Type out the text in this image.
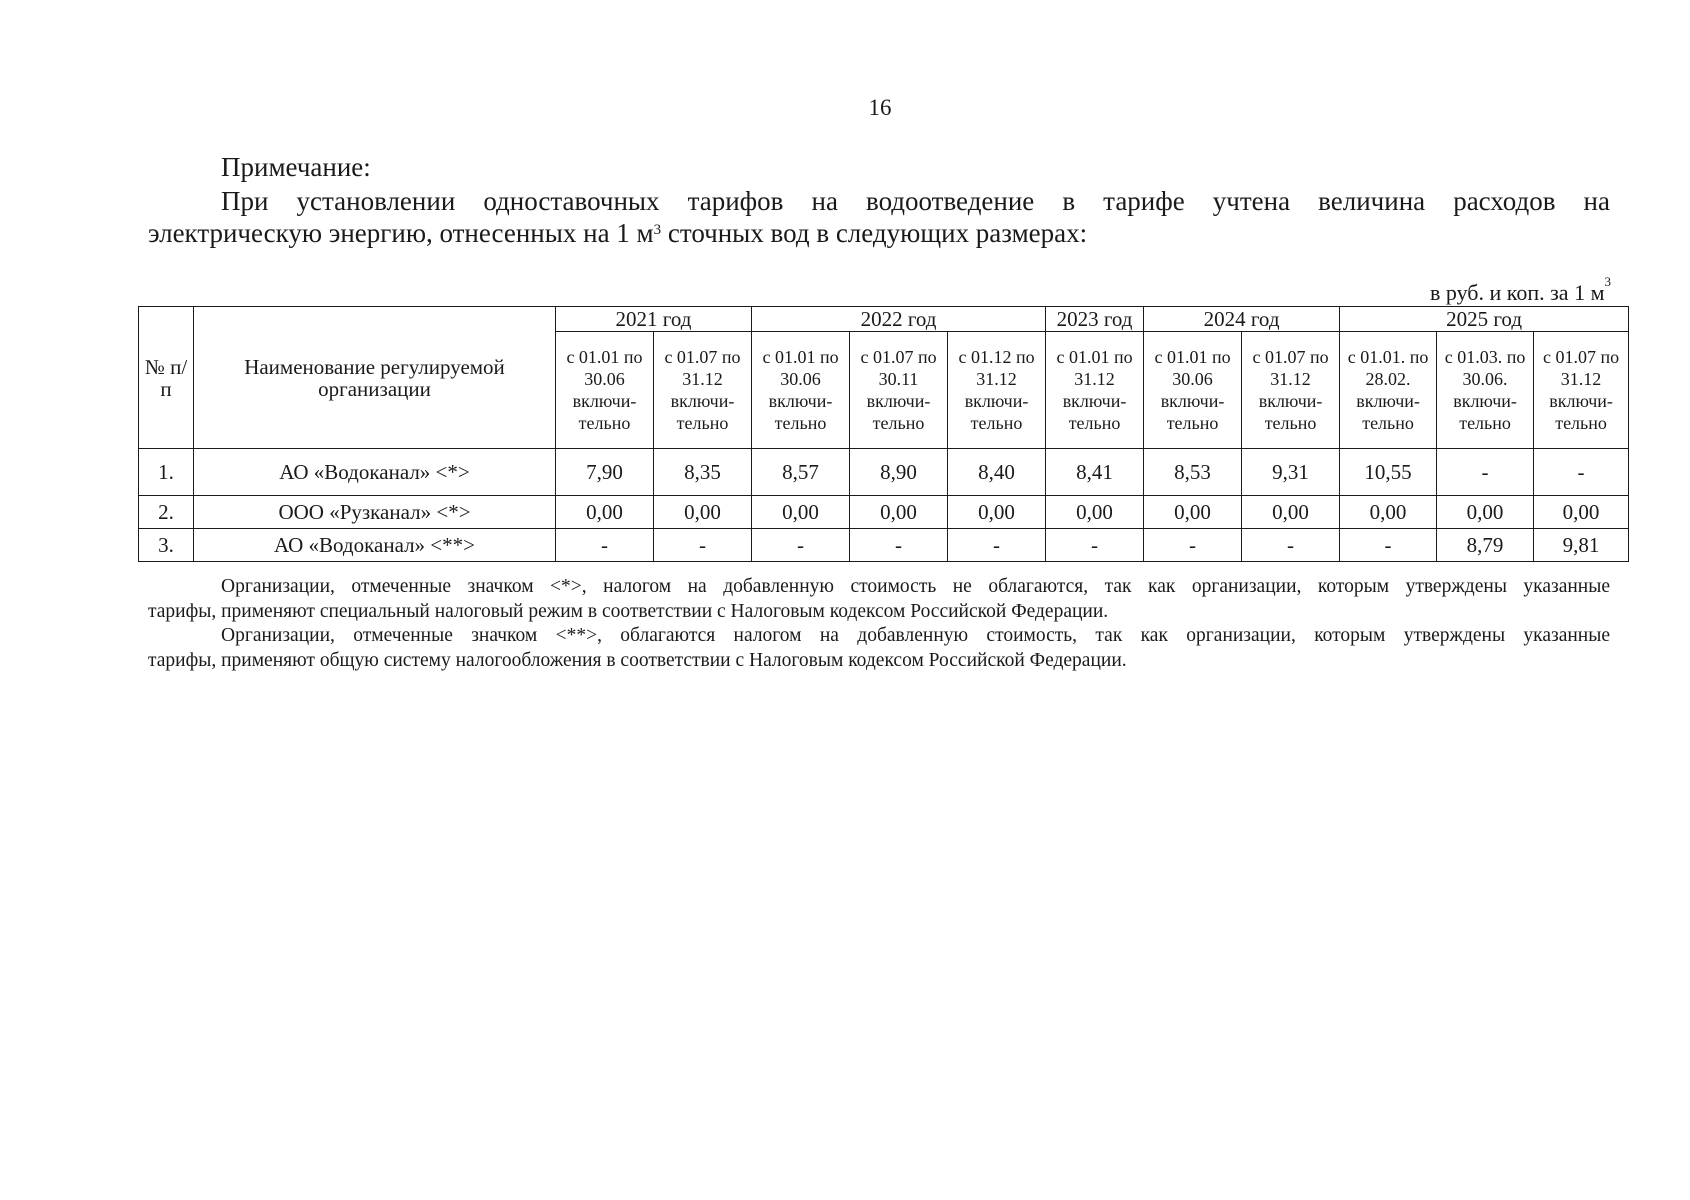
16
Примечание:
При установлении одноставочных тарифов на водоотведение в тарифе учтена величина расходов на
электрическую энергию, отнесенных на 1 $м^3$ сточных вод в следующих размерах:
в руб. и коп. за 1 $м^3$
№ п/п	Наименование регулируемой организации	2021 год		2022 год			2023 год	2024 год		2025 год		
		с 01.01 по 30.06 включи-тельно	с 01.07 по 31.12 включи-тельно	с 01.01 по 30.06 включи-тельно	с 01.07 по 30.11 включи-тельно	с 01.12 по 31.12 включи-тельно	с 01.01 по 31.12 включи-тельно	с 01.01 по 30.06 включи-тельно	с 01.07 по 31.12 включи-тельно	с 01.01. по 28.02. включи-тельно	с 01.03. по 30.06. включи-тельно	с 01.07 по 31.12 включи-тельно
1.	АО «Водоканал» <*>	7,90	8,35	8,57	8,90	8,40	8,41	8,53	9,31	10,55	-	-
2.	ООО «Рузканал» <*>	0,00	0,00	0,00	0,00	0,00	0,00	0,00	0,00	0,00	0,00	0,00
3.	АО «Водоканал» <**>	-	-	-	-	-	-	-	-	-	8,79	9,81
Организации, отмеченные значком <*>, налогом на добавленную стоимость не облагаются, так как организации, которым утверждены указанные
тарифы, применяют специальный налоговый режим в соответствии с Налоговым кодексом Российской Федерации.
Организации, отмеченные значком <**>, облагаются налогом на добавленную стоимость, так как организации, которым утверждены указанные
тарифы, применяют общую систему налогообложения в соответствии с Налоговым кодексом Российской Федерации.
